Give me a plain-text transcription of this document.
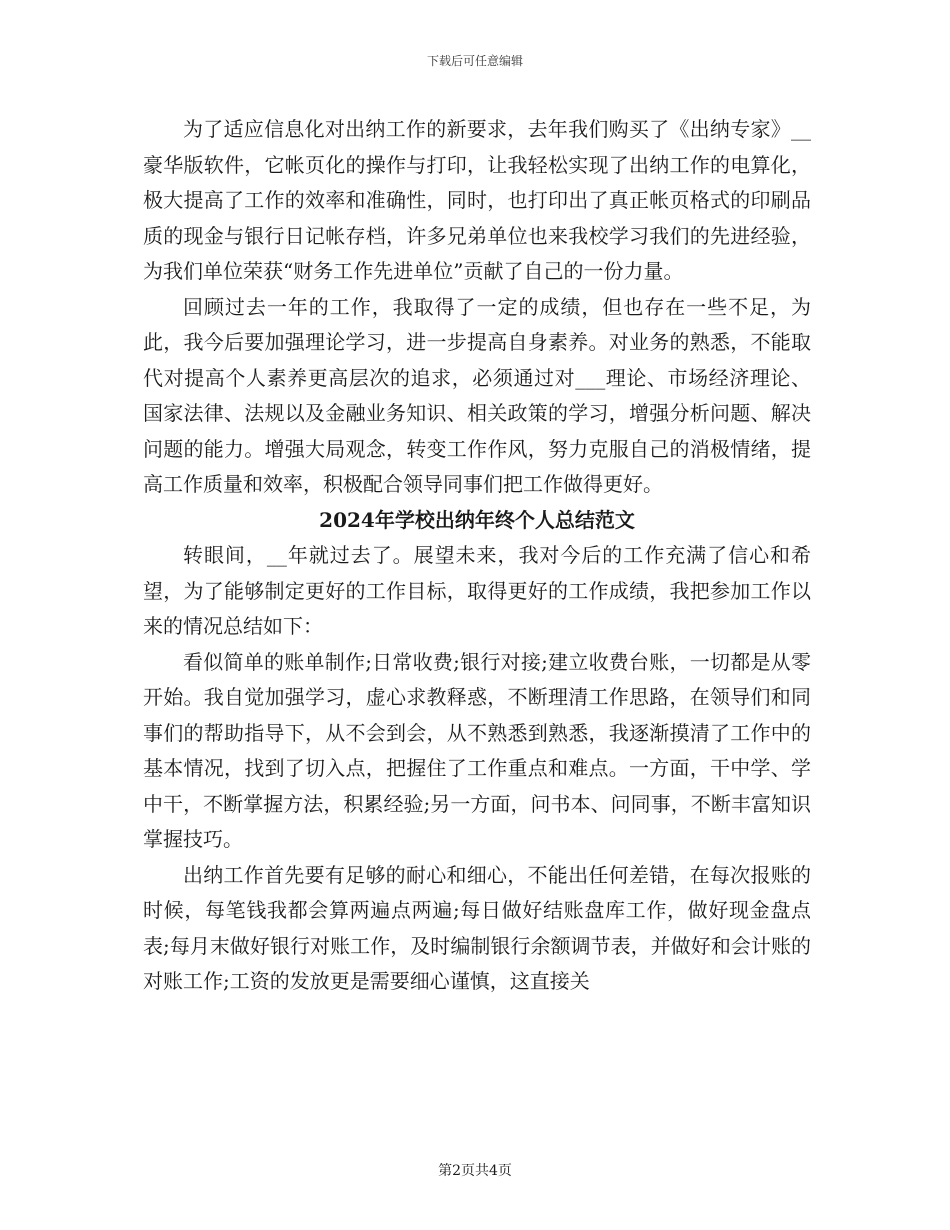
下载后可任意编辑

为了适应信息化对出纳工作的新要求，去年我们购买了《出纳专家》__豪华版软件，它帐页化的操作与打印，让我轻松实现了出纳工作的电算化，极大提高了工作的效率和准确性，同时，也打印出了真正帐页格式的印刷品质的现金与银行日记帐存档，许多兄弟单位也来我校学习我们的先进经验，为我们单位荣获“财务工作先进单位”贡献了自己的一份力量。

回顾过去一年的工作，我取得了一定的成绩，但也存在一些不足，为此，我今后要加强理论学习，进一步提高自身素养。对业务的熟悉，不能取代对提高个人素养更高层次的追求，必须通过对___理论、市场经济理论、国家法律、法规以及金融业务知识、相关政策的学习，增强分析问题、解决问题的能力。增强大局观念，转变工作作风，努力克服自己的消极情绪，提高工作质量和效率，积极配合领导同事们把工作做得更好。

2024年学校出纳年终个人总结范文

转眼间，__年就过去了。展望未来，我对今后的工作充满了信心和希望，为了能够制定更好的工作目标，取得更好的工作成绩，我把参加工作以来的情况总结如下：

看似简单的账单制作;日常收费;银行对接;建立收费台账，一切都是从零开始。我自觉加强学习，虚心求教释惑，不断理清工作思路，在领导们和同事们的帮助指导下，从不会到会，从不熟悉到熟悉，我逐渐摸清了工作中的基本情况，找到了切入点，把握住了工作重点和难点。一方面，干中学、学中干，不断掌握方法，积累经验;另一方面，问书本、问同事，不断丰富知识掌握技巧。

出纳工作首先要有足够的耐心和细心，不能出任何差错，在每次报账的时候，每笔钱我都会算两遍点两遍;每日做好结账盘库工作，做好现金盘点表;每月末做好银行对账工作，及时编制银行余额调节表，并做好和会计账的对账工作;工资的发放更是需要细心谨慎，这直接关

第2页共4页
